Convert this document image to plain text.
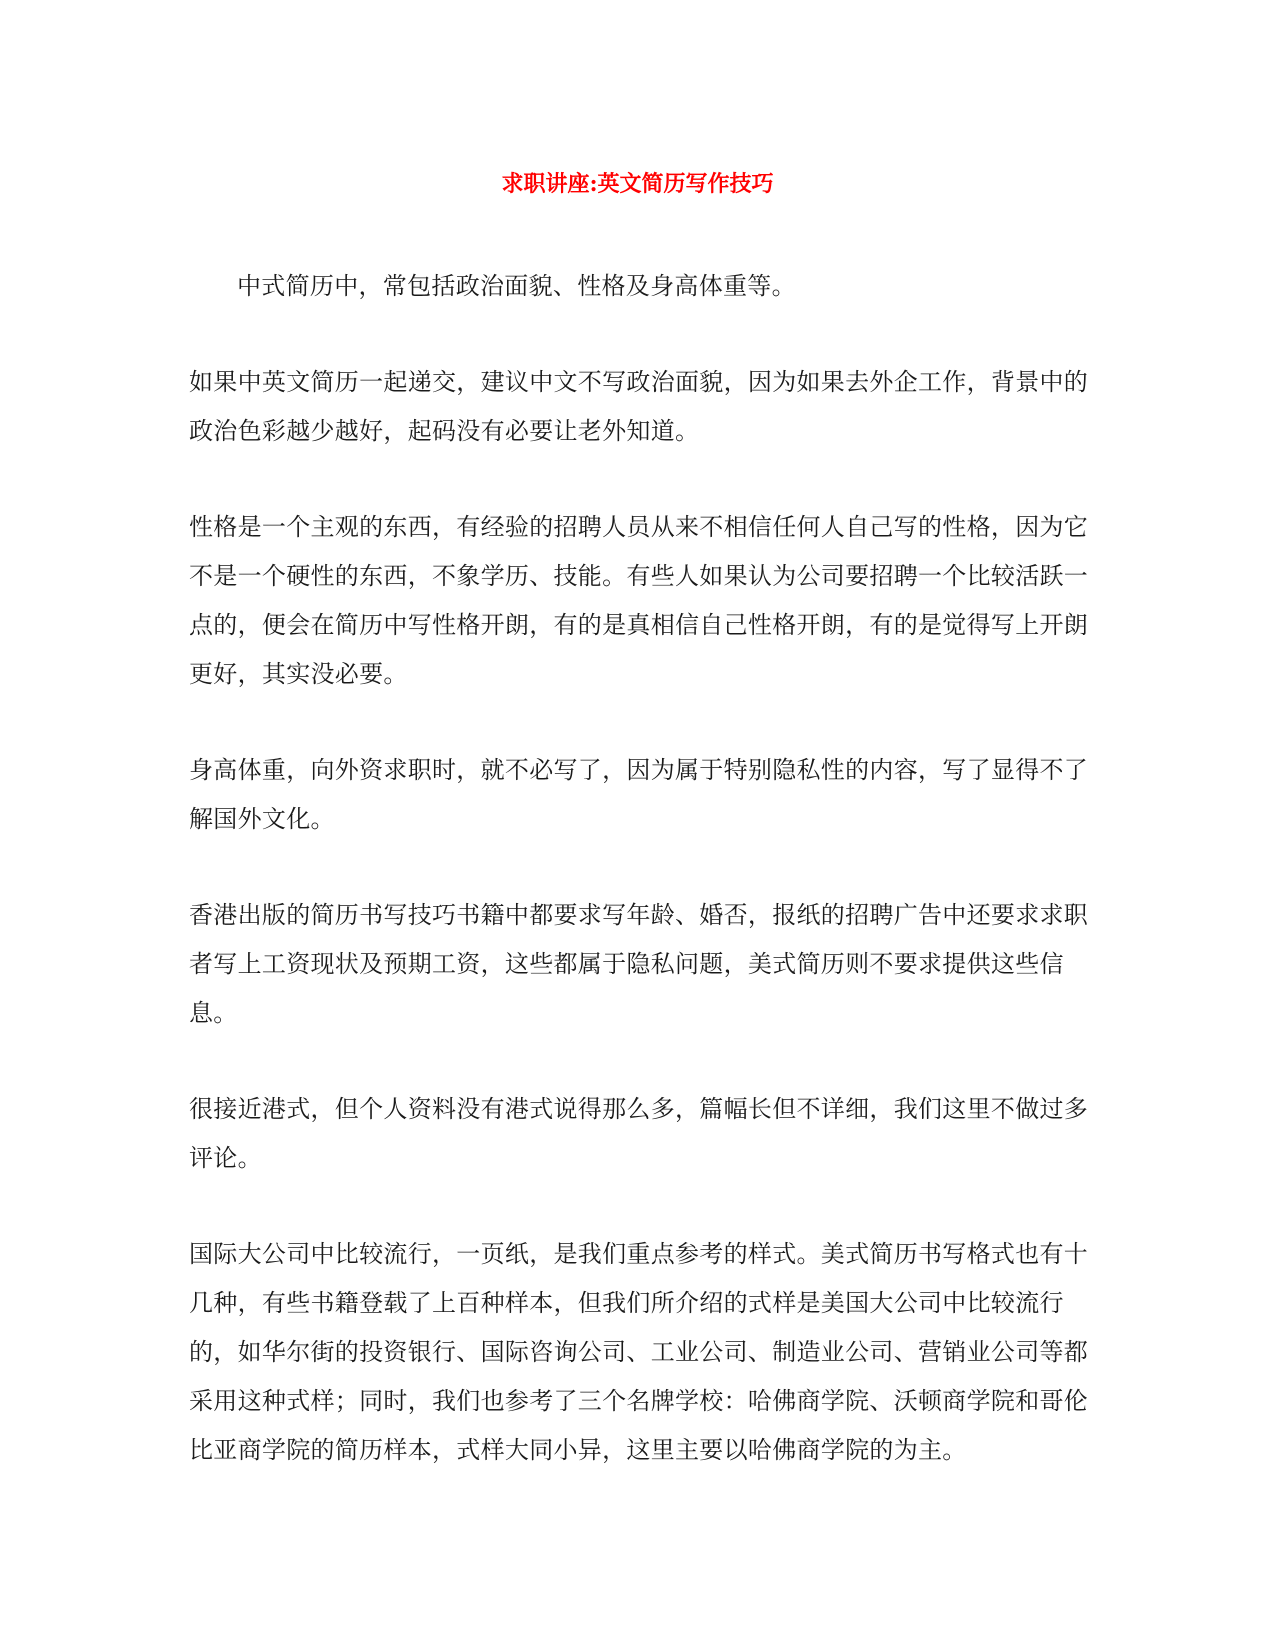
求职讲座:英文简历写作技巧

中式简历中，常包括政治面貌、性格及身高体重等。

如果中英文简历一起递交，建议中文不写政治面貌，因为如果去外企工作，背景中的政治色彩越少越好，起码没有必要让老外知道。

性格是一个主观的东西，有经验的招聘人员从来不相信任何人自己写的性格，因为它不是一个硬性的东西，不象学历、技能。有些人如果认为公司要招聘一个比较活跃一点的，便会在简历中写性格开朗，有的是真相信自己性格开朗，有的是觉得写上开朗更好，其实没必要。

身高体重，向外资求职时，就不必写了，因为属于特别隐私性的内容，写了显得不了解国外文化。

香港出版的简历书写技巧书籍中都要求写年龄、婚否，报纸的招聘广告中还要求求职者写上工资现状及预期工资，这些都属于隐私问题，美式简历则不要求提供这些信息。

很接近港式，但个人资料没有港式说得那么多，篇幅长但不详细，我们这里不做过多评论。

国际大公司中比较流行，一页纸，是我们重点参考的样式。美式简历书写格式也有十几种，有些书籍登载了上百种样本，但我们所介绍的式样是美国大公司中比较流行的，如华尔街的投资银行、国际咨询公司、工业公司、制造业公司、营销业公司等都采用这种式样；同时，我们也参考了三个名牌学校：哈佛商学院、沃顿商学院和哥伦比亚商学院的简历样本，式样大同小异，这里主要以哈佛商学院的为主。
